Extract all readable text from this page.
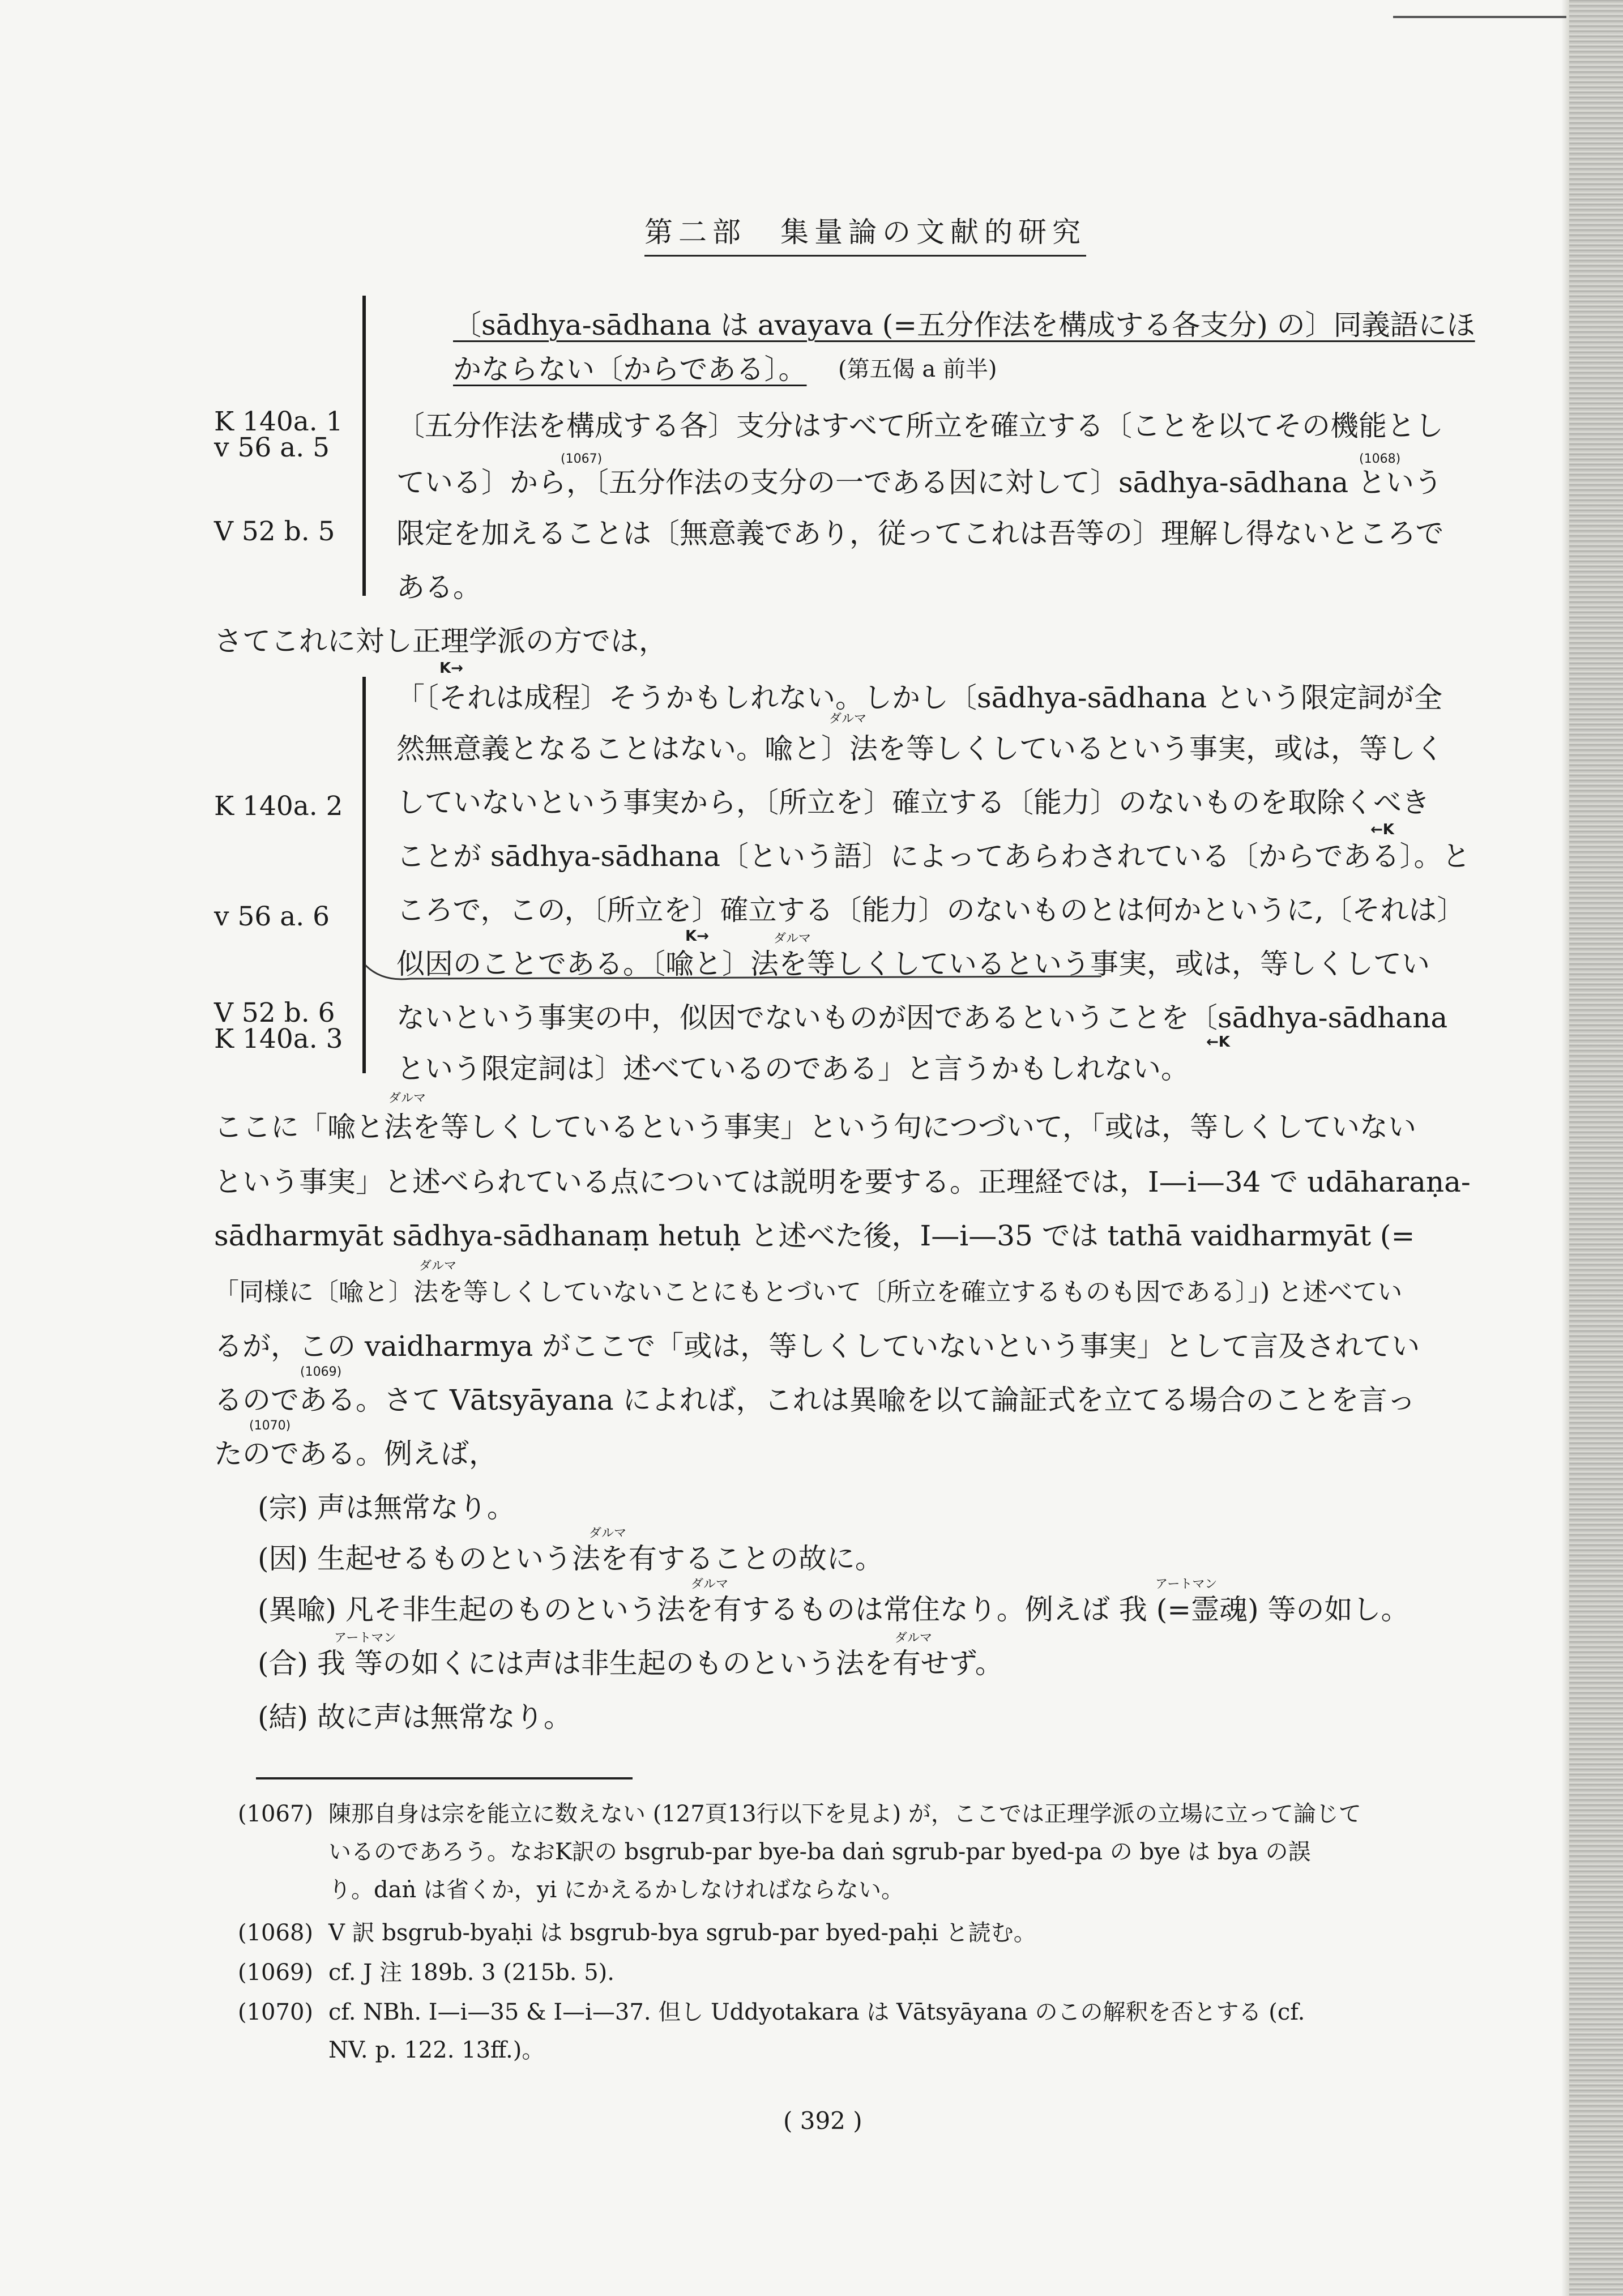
第二部　集量論の文献的研究
K 140a. 1
v 56 a. 5
V 52 b. 5
〔sādhya-sādhana は avayava (=五分作法を構成する各支分) の〕同義語にほ
かならない〔からである〕。 (第五偈 a 前半)
〔五分作法を構成する各〕支分はすべて所立を確立する〔ことを以てその機能とし
(1067)
ている〕から，〔五分作法の支分の一である因に対して〕sādhya-sādhana という
(1068)
限定を加えることは〔無意義であり，従ってこれは吾等の〕理解し得ないところで
ある。
さてこれに対し正理学派の方では，
K 140a. 2
v 56 a. 6
V 52 b. 6
K 140a. 3
K→
「〔それは成程〕そうかもしれない。しかし〔sādhya-sādhana という限定詞が全
ダルマ
然無意義となることはない。喩と〕法を等しくしているという事実，或は，等しく
していないという事実から，〔所立を〕確立する〔能力〕のないものを取除くべき
←K
ことが sādhya-sādhana〔という語〕によってあらわされている〔からである〕。と
ころで，この，〔所立を〕確立する〔能力〕のないものとは何かというに,〔それは〕
K→	ダルマ
似因のことである。〔喩と〕法を等しくしているという事実，或は，等しくしてい
ないという事実の中，似因でないものが因であるということを〔sādhya-sādhana
←K
という限定詞は〕述べているのである」と言うかもしれない。
ダルマ
ここに「喩と法を等しくしているという事実」という句につづいて，「或は，等しくしていない
という事実」と述べられている点については説明を要する。正理経では，I—i—34 で udāharaṇa-
sādharmyāt sādhya-sādhanaṃ hetuḥ と述べた後，I—i—35 では tathā vaidharmyāt (=
ダルマ
「同様に〔喩と〕法を等しくしていないことにもとづいて〔所立を確立するものも因である〕」) と述べてい
るが，この vaidharmya がここで「或は，等しくしていないという事実」として言及されてい
(1069)
るのである。さて Vātsyāyana によれば，これは異喩を以て論証式を立てる場合のことを言っ
(1070)
たのである。例えば，
(宗) 声は無常なり。
ダルマ
(因) 生起せるものという法を有することの故に。
ダルマ	アートマン
(異喩) 凡そ非生起のものという法を有するものは常住なり。例えば 我 (=霊魂) 等の如し。
アートマン	ダルマ
(合) 我 等の如くには声は非生起のものという法を有せず。
(結) 故に声は無常なり。
(1067) 陳那自身は宗を能立に数えない (127頁13行以下を見よ) が，ここでは正理学派の立場に立って論じて
いるのであろう。なおK訳の bsgrub-par bye-ba daṅ sgrub-par byed-pa の bye は bya の誤
り。daṅ は省くか，yi にかえるかしなければならない。
(1068) V 訳 bsgrub-byaḥi は bsgrub-bya sgrub-par byed-paḥi と読む。
(1069) cf. J 注 189b. 3 (215b. 5).
(1070) cf. NBh. I—i—35 & I—i—37. 但し Uddyotakara は Vātsyāyana のこの解釈を否とする (cf.
NV. p. 122. 13ff.)。
( 392 )
